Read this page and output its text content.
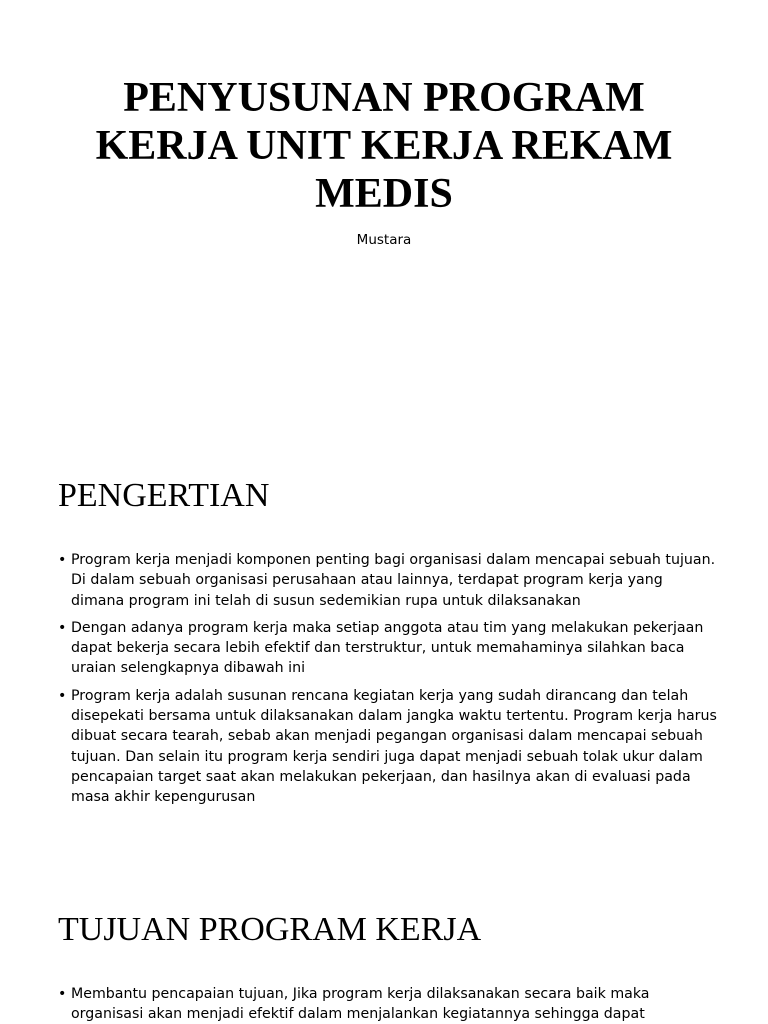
PENYUSUNAN PROGRAM KERJA UNIT KERJA REKAM MEDIS
Mustara
PENGERTIAN
• Program kerja menjadi komponen penting bagi organisasi dalam mencapai sebuah tujuan. Di dalam sebuah organisasi perusahaan atau lainnya, terdapat program kerja yang dimana program ini telah di susun sedemikian rupa untuk dilaksanakan
• Dengan adanya program kerja maka setiap anggota atau tim yang melakukan pekerjaan dapat bekerja secara lebih efektif dan terstruktur, untuk memahaminya silahkan baca uraian selengkapnya dibawah ini
• Program kerja adalah susunan rencana kegiatan kerja yang sudah dirancang dan telah disepekati bersama untuk dilaksanakan dalam jangka waktu tertentu. Program kerja harus dibuat secara tearah, sebab akan menjadi pegangan organisasi dalam mencapai sebuah tujuan. Dan selain itu program kerja sendiri juga dapat menjadi sebuah tolak ukur dalam pencapaian target saat akan melakukan pekerjaan, dan hasilnya akan di evaluasi pada masa akhir kepengurusan
TUJUAN PROGRAM KERJA
• Membantu pencapaian tujuan, Jika program kerja dilaksanakan secara baik maka organisasi akan menjadi efektif dalam menjalankan kegiatannya sehingga dapat
